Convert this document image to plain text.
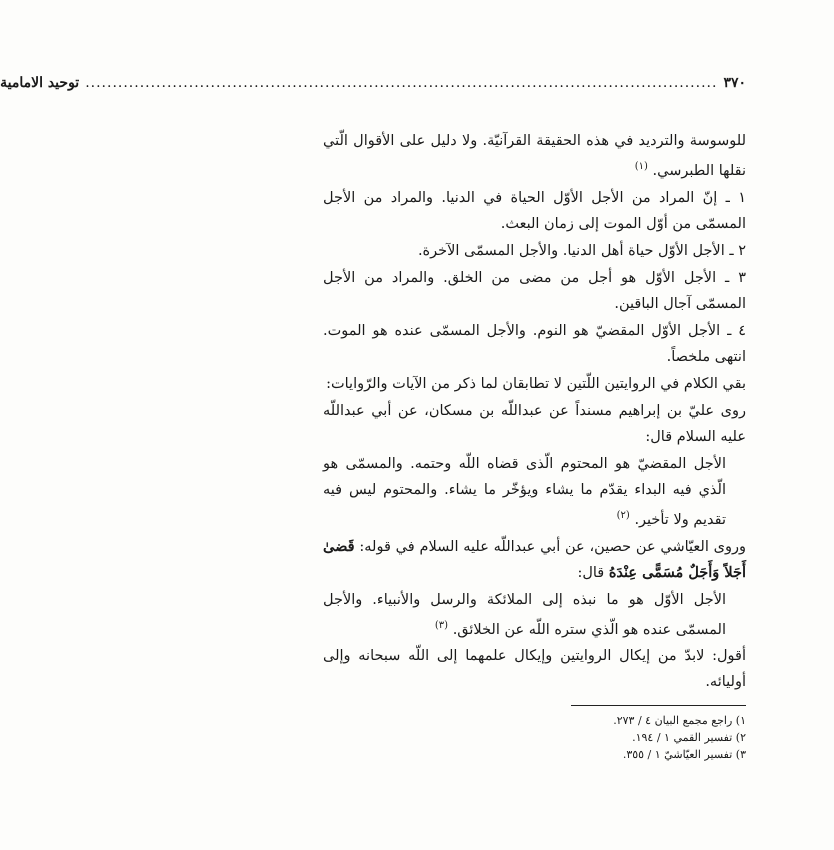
٣٧٠
....................................................................................................................
توحيد الامامية

للوسوسة والترديد في هذه الحقيقة القرآنيّة. ولا دليل على الأقوال الّتي نقلها الطبرسي. $^{(١)}$

١ ـ إنّ المراد من الأجل الأوّل الحياة في الدنيا. والمراد من الأجل المسمّى من أوّل الموت إلى زمان البعث.

٢ ـ الأجل الأوّل حياة أهل الدنيا. والأجل المسمّى الآخرة.

٣ ـ الأجل الأوّل هو أجل من مضى من الخلق. والمراد من الأجل المسمّى آجال الباقين.

٤ ـ الأجل الأوّل المقضيّ هو النوم. والأجل المسمّى عنده هو الموت. انتهى ملخصاً.

بقي الكلام في الروايتين اللّتين لا تطابقان لما ذكر من الآيات والرّوايات:

روى عليّ بن إبراهيم مسنداً عن عبداللّه بن مسكان، عن أبي عبداللّه عليه السلام قال:

الأجل المقضيّ هو المحتوم الّذى قضاه اللّه وحتمه. والمسمّى هو الّذي فيه البداء يقدّم ما يشاء ويؤخّر ما يشاء. والمحتوم ليس فيه تقديم ولا تأخير. $^{(٢)}$

وروى العيّاشي عن حصين، عن أبي عبداللّه عليه السلام في قوله: قَضىٰ أَجَلاً وَأَجَلٌ مُسَمًّى عِنْدَهُ قال:

الأجل الأوّل هو ما نبذه إلى الملائكة والرسل والأنبياء. والأجل المسمّى عنده هو الّذي ستره اللّه عن الخلائق. $^{(٣)}$

أقول: لابدّ من إيكال الروايتين وإيكال علمهما إلى اللّه سبحانه وإلى أوليائه.

١) راجع مجمع البيان ٤ / ٢٧٣.
٢) تفسير القمي ١ / ١٩٤.
٣) تفسير العيّاشيّ ١ / ٣٥٥.
